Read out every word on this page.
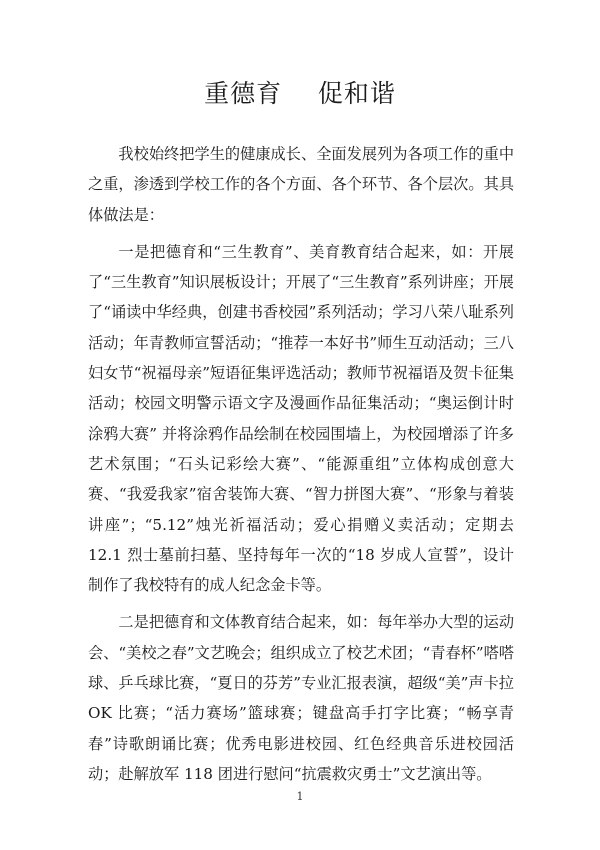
重德育    促和谐

我校始终把学生的健康成长、全面发展列为各项工作的重中之重，渗透到学校工作的各个方面、各个环节、各个层次。其具体做法是：

一是把德育和“三生教育”、美育教育结合起来，如：开展了“三生教育”知识展板设计；开展了“三生教育”系列讲座；开展了“诵读中华经典，创建书香校园”系列活动；学习八荣八耻系列活动；年青教师宣誓活动；“推荐一本好书”师生互动活动；三八妇女节“祝福母亲”短语征集评选活动；教师节祝福语及贺卡征集活动；校园文明警示语文字及漫画作品征集活动；“奥运倒计时涂鸦大赛” 并将涂鸦作品绘制在校园围墙上，为校园增添了许多艺术氛围；“石头记彩绘大赛”、“能源重组”立体构成创意大赛、“我爱我家”宿舍装饰大赛、“智力拼图大赛”、“形象与着装讲座”；“5.12”烛光祈福活动；爱心捐赠义卖活动；定期去 12.1 烈士墓前扫墓、坚持每年一次的“18 岁成人宣誓”，设计制作了我校特有的成人纪念金卡等。

二是把德育和文体教育结合起来，如：每年举办大型的运动会、“美校之春”文艺晚会；组织成立了校艺术团；“青春杯”嗒嗒球、乒乓球比赛，“夏日的芬芳”专业汇报表演，超级“美”声卡拉 OK 比赛；“活力赛场”篮球赛；键盘高手打字比赛；“畅享青春”诗歌朗诵比赛；优秀电影进校园、红色经典音乐进校园活动；赴解放军 118 团进行慰问“抗震救灾勇士”文艺演出等。

1
